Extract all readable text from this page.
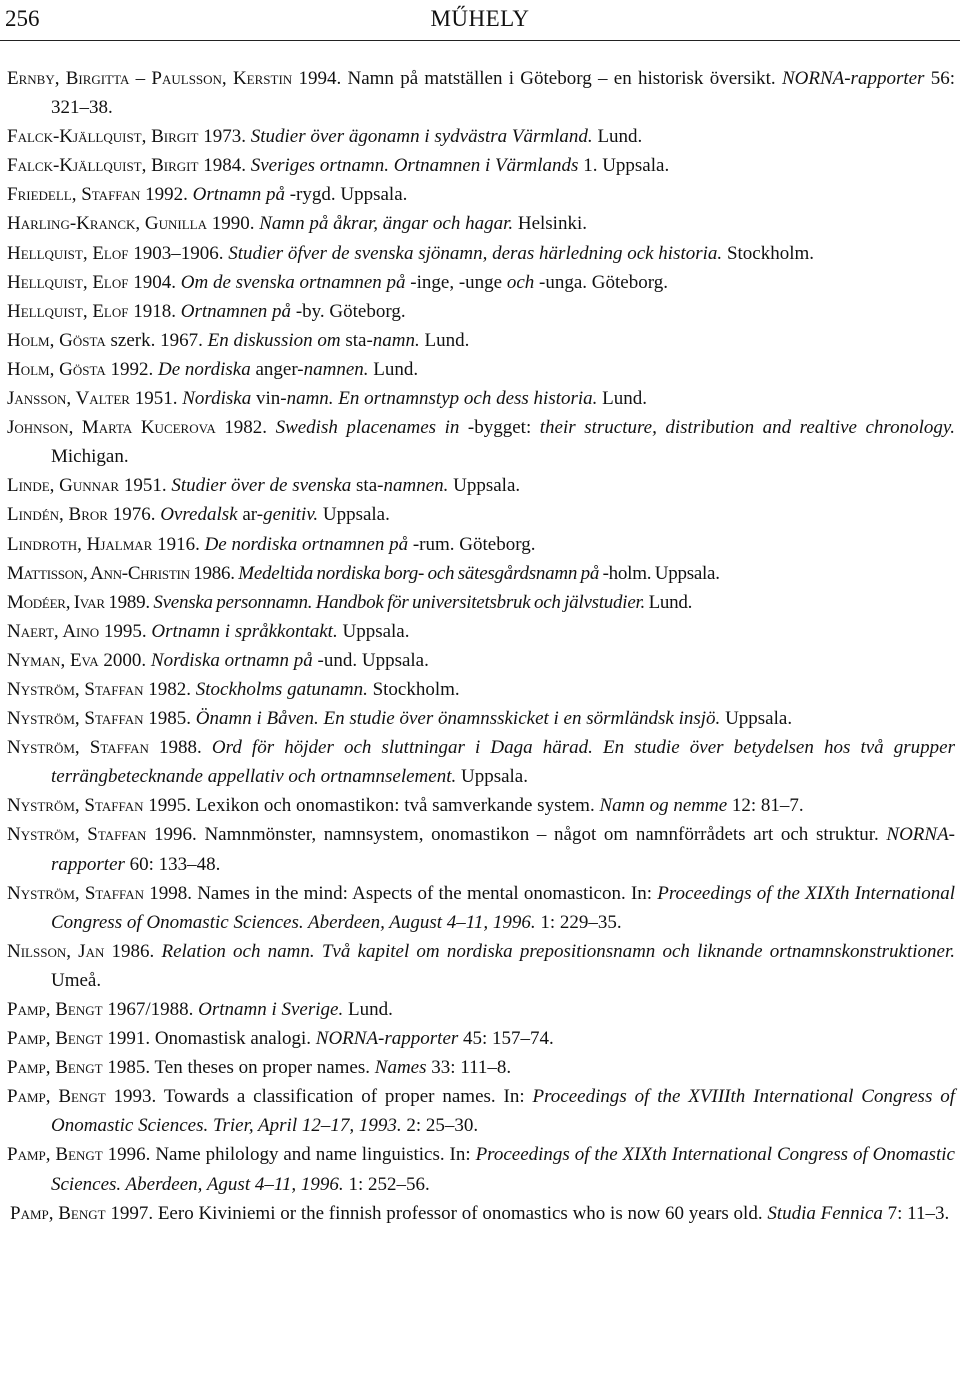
256	MŰHELY

Ernby, Birgitta – Paulsson, Kerstin 1994. Namn på matställen i Göteborg – en historisk översikt. NORNA-rapporter 56: 321–38.

Falck-Kjällquist, Birgit 1973. Studier över ägonamn i sydvästra Värmland. Lund.

Falck-Kjällquist, Birgit 1984. Sveriges ortnamn. Ortnamnen i Värmlands 1. Uppsala.

Friedell, Staffan 1992. Ortnamn på -rygd. Uppsala.

Harling-Kranck, Gunilla 1990. Namn på åkrar, ängar och hagar. Helsinki.

Hellquist, Elof 1903–1906. Studier öfver de svenska sjönamn, deras härledning ock historia. Stockholm.

Hellquist, Elof 1904. Om de svenska ortnamnen på -inge, -unge och -unga. Göteborg.

Hellquist, Elof 1918. Ortnamnen på -by. Göteborg.

Holm, Gösta szerk. 1967. En diskussion om sta-namn. Lund.

Holm, Gösta 1992. De nordiska anger-namnen. Lund.

Jansson, Valter 1951. Nordiska vin-namn. En ortnamnstyp och dess historia. Lund.

Johnson, Marta Kucerova 1982. Swedish placenames in -bygget: their structure, distribution and realtive chronology. Michigan.

Linde, Gunnar 1951. Studier över de svenska sta-namnen. Uppsala.

Lindén, Bror 1976. Ovredalsk ar-genitiv. Uppsala.

Lindroth, Hjalmar 1916. De nordiska ortnamnen på -rum. Göteborg.

Mattisson, Ann-Christin 1986. Medeltida nordiska borg- och sätesgårdsnamn på -holm. Uppsala.

Modéer, Ivar 1989. Svenska personnamn. Handbok för universitetsbruk och jälvstudier. Lund.

Naert, Aino 1995. Ortnamn i språkkontakt. Uppsala.

Nyman, Eva 2000. Nordiska ortnamn på -und. Uppsala.

Nyström, Staffan 1982. Stockholms gatunamn. Stockholm.

Nyström, Staffan 1985. Önamn i Båven. En studie över önamnsskicket i en sörmländsk insjö. Uppsala.

Nyström, Staffan 1988. Ord för höjder och sluttningar i Daga härad. En studie över betydelsen hos två grupper terrängbetecknande appellativ och ortnamnselement. Uppsala.

Nyström, Staffan 1995. Lexikon och onomastikon: två samverkande system. Namn og nemme 12: 81–7.

Nyström, Staffan 1996. Namnmönster, namnsystem, onomastikon – något om namnförrådets art och struktur. NORNA-rapporter 60: 133–48.

Nyström, Staffan 1998. Names in the mind: Aspects of the mental onomasticon. In: Proceedings of the XIXth International Congress of Onomastic Sciences. Aberdeen, August 4–11, 1996. 1: 229–35.

Nilsson, Jan 1986. Relation och namn. Två kapitel om nordiska prepositionsnamn och liknande ortnamnskonstruktioner. Umeå.

Pamp, Bengt 1967/1988. Ortnamn i Sverige. Lund.

Pamp, Bengt 1991. Onomastisk analogi. NORNA-rapporter 45: 157–74.

Pamp, Bengt 1985. Ten theses on proper names. Names 33: 111–8.

Pamp, Bengt 1993. Towards a classification of proper names. In: Proceedings of the XVIIIth International Congress of Onomastic Sciences. Trier, April 12–17, 1993. 2: 25–30.

Pamp, Bengt 1996. Name philology and name linguistics. In: Proceedings of the XIXth International Congress of Onomastic Sciences. Aberdeen, Agust 4–11, 1996. 1: 252–56.

Pamp, Bengt 1997. Eero Kiviniemi or the finnish professor of onomastics who is now 60 years old. Studia Fennica 7: 11–3.
